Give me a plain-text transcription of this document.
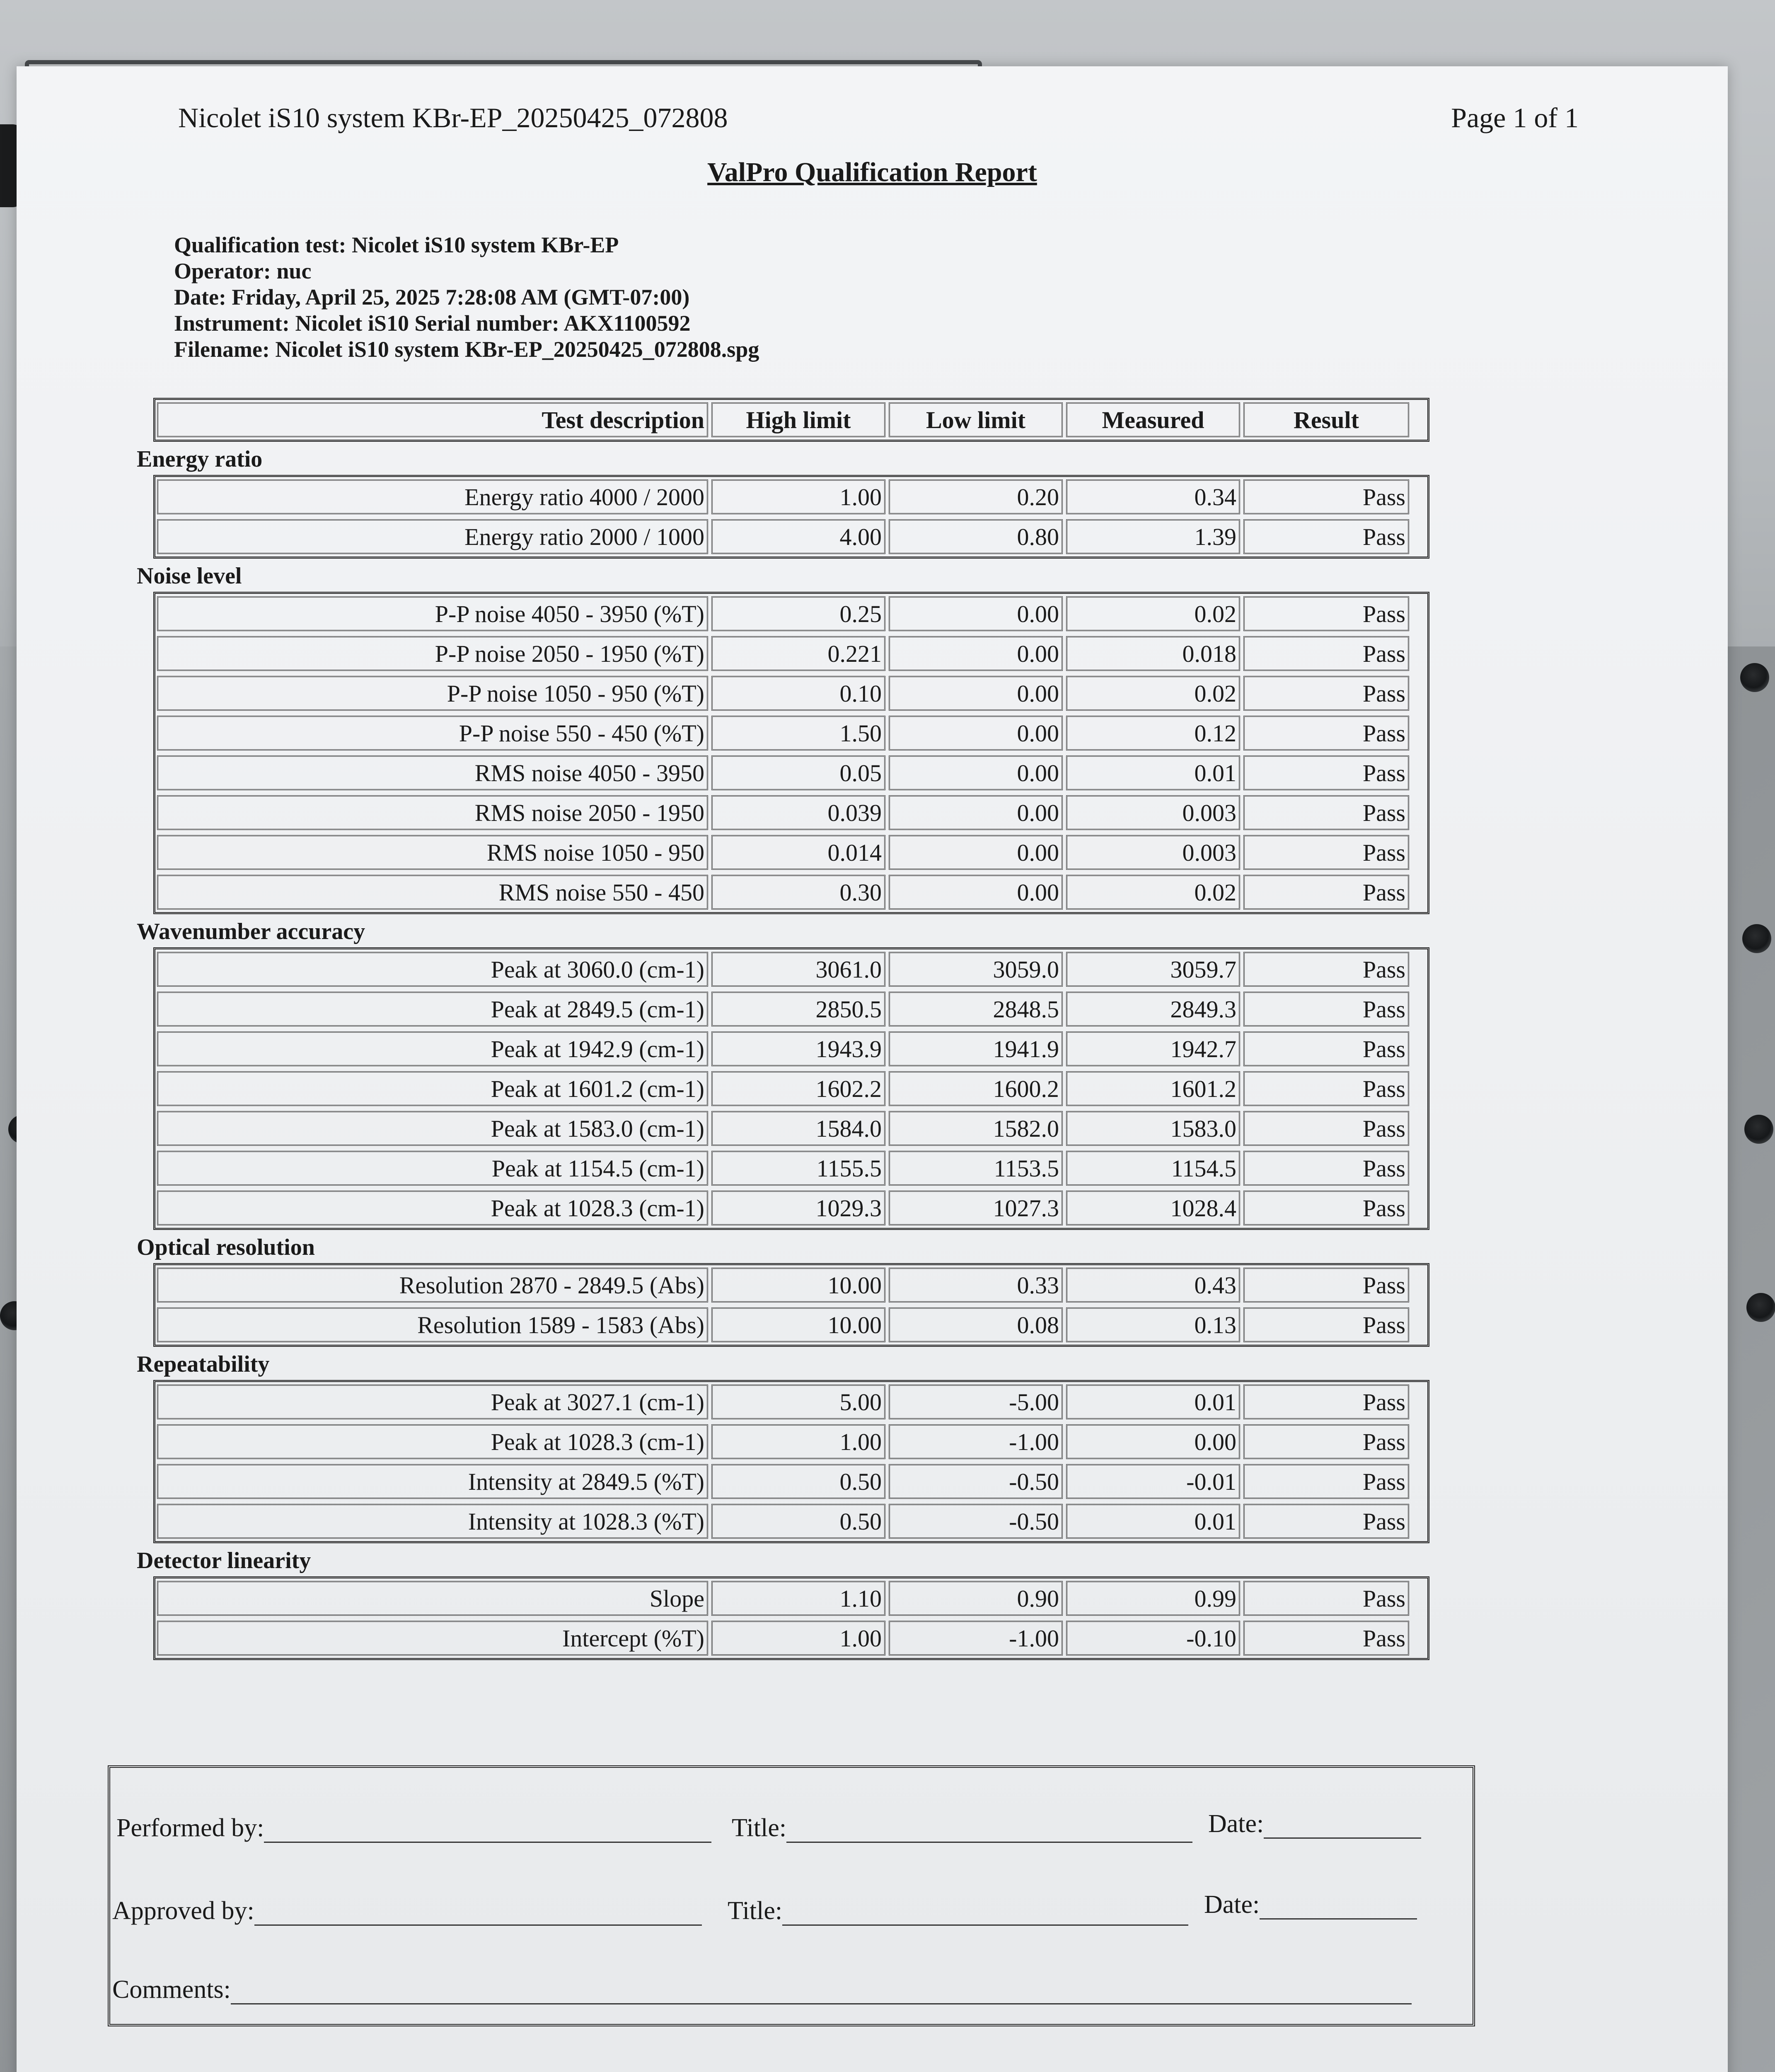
Nicolet iS10 system KBr-EP_20250425_072808	Page 1 of 1
ValPro Qualification Report
Qualification test: Nicolet iS10 system KBr-EP
Operator: nuc
Date: Friday, April 25, 2025 7:28:08 AM (GMT-07:00)
Instrument: Nicolet iS10 Serial number: AKX1100592
Filename: Nicolet iS10 system KBr-EP_20250425_072808.spg
Test description	High limit	Low limit	Measured	Result
Energy ratio
Energy ratio 4000 / 2000	1.00	0.20	0.34	Pass
Energy ratio 2000 / 1000	4.00	0.80	1.39	Pass
Noise level
P-P noise 4050 - 3950 (%T)	0.25	0.00	0.02	Pass
P-P noise 2050 - 1950 (%T)	0.221	0.00	0.018	Pass
P-P noise 1050 - 950 (%T)	0.10	0.00	0.02	Pass
P-P noise 550 - 450 (%T)	1.50	0.00	0.12	Pass
RMS noise 4050 - 3950	0.05	0.00	0.01	Pass
RMS noise 2050 - 1950	0.039	0.00	0.003	Pass
RMS noise 1050 - 950	0.014	0.00	0.003	Pass
RMS noise 550 - 450	0.30	0.00	0.02	Pass
Wavenumber accuracy
Peak at 3060.0 (cm-1)	3061.0	3059.0	3059.7	Pass
Peak at 2849.5 (cm-1)	2850.5	2848.5	2849.3	Pass
Peak at 1942.9 (cm-1)	1943.9	1941.9	1942.7	Pass
Peak at 1601.2 (cm-1)	1602.2	1600.2	1601.2	Pass
Peak at 1583.0 (cm-1)	1584.0	1582.0	1583.0	Pass
Peak at 1154.5 (cm-1)	1155.5	1153.5	1154.5	Pass
Peak at 1028.3 (cm-1)	1029.3	1027.3	1028.4	Pass
Optical resolution
Resolution 2870 - 2849.5 (Abs)	10.00	0.33	0.43	Pass
Resolution 1589 - 1583 (Abs)	10.00	0.08	0.13	Pass
Repeatability
Peak at 3027.1 (cm-1)	5.00	-5.00	0.01	Pass
Peak at 1028.3 (cm-1)	1.00	-1.00	0.00	Pass
Intensity at 2849.5 (%T)	0.50	-0.50	-0.01	Pass
Intensity at 1028.3 (%T)	0.50	-0.50	0.01	Pass
Detector linearity
Slope	1.10	0.90	0.99	Pass
Intercept (%T)	1.00	-1.00	-0.10	Pass
Performed by:	Title:	Date:
Approved by:	Title:	Date:
Comments:
